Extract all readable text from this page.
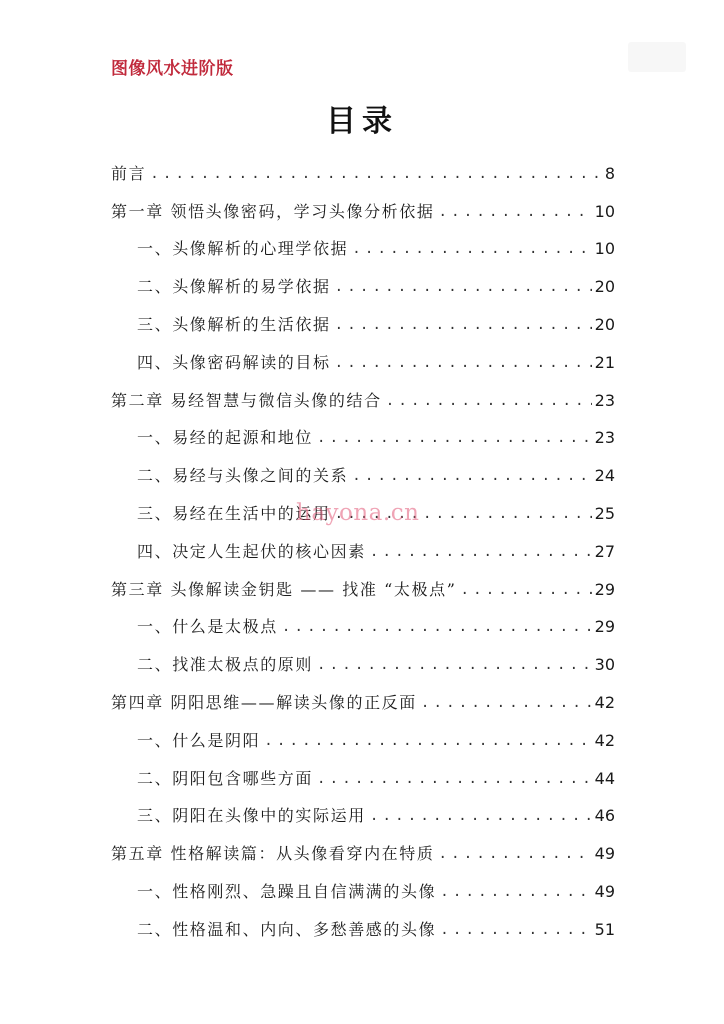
图像风水进阶版
目录
前言 .....	8
第一章 领悟头像密码，学习头像分析依据 .....	10
一、头像解析的心理学依据 .....	10
二、头像解析的易学依据 .....	20
三、头像解析的生活依据 .....	20
四、头像密码解读的目标 .....	21
第二章 易经智慧与微信头像的结合 .....	23
一、易经的起源和地位 .....	23
二、易经与头像之间的关系 .....	24
三、易经在生活中的运用 .....	25
四、决定人生起伏的核心因素 .....	27
第三章 头像解读金钥匙 —— 找准 “太极点” .....	29
一、什么是太极点 .....	29
二、找准太极点的原则 .....	30
第四章 阴阳思维——解读头像的正反面 .....	42
一、什么是阴阳 .....	42
二、阴阳包含哪些方面 .....	44
三、阴阳在头像中的实际运用 .....	46
第五章 性格解读篇：从头像看穿内在特质 .....	49
一、性格刚烈、急躁且自信满满的头像 .....	49
二、性格温和、内向、多愁善感的头像 .....	51
hayona.cn
